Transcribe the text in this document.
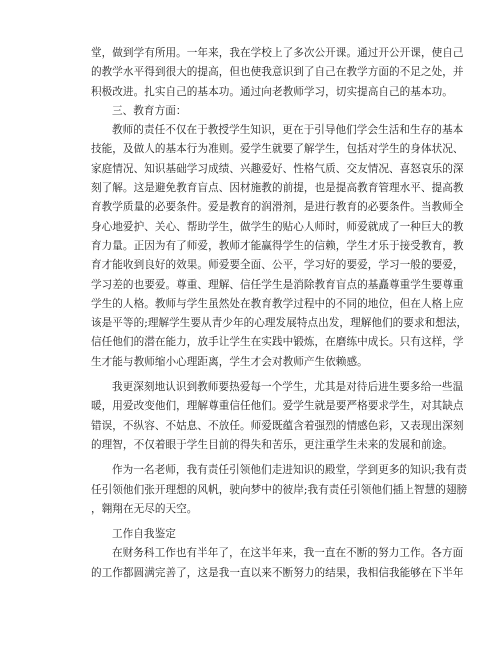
堂，做到学有所用。一年来，我在学校上了多次公开课。通过开公开课，使自己
的教学水平得到很大的提高，但也使我意识到了自己在教学方面的不足之处，并
积极改进。扎实自己的基本功。通过向老教师学习，切实提高自己的基本功。
三、教育方面：
教师的责任不仅在于教授学生知识，更在于引导他们学会生活和生存的基本
技能，及做人的基本行为准则。爱学生就要了解学生，包括对学生的身体状况、
家庭情况、知识基础学习成绩、兴趣爱好、性格气质、交友情况、喜怒哀乐的深
刻了解。这是避免教育盲点、因材施教的前提，也是提高教育管理水平、提高教
育教学质量的必要条件。爱是教育的润滑剂，是进行教育的必要条件。当教师全
身心地爱护、关心、帮助学生，做学生的贴心人师时，师爱就成了一种巨大的教
育力量。正因为有了师爱，教师才能赢得学生的信赖，学生才乐于接受教育，教
育才能收到良好的效果。师爱要全面、公平，学习好的要爱，学习一般的要爱，
学习差的也要爱。尊重、理解、信任学生是消除教育盲点的基矗尊重学生要尊重
学生的人格。教师与学生虽然处在教育教学过程中的不同的地位，但在人格上应
该是平等的;理解学生要从青少年的心理发展特点出发，理解他们的要求和想法，
信任他们的潜在能力，放手让学生在实践中锻炼，在磨练中成长。只有这样，学
生才能与教师缩小心理距离，学生才会对教师产生依赖感。
我更深刻地认识到教师要热爱每一个学生，尤其是对待后进生要多给一些温
暖，用爱改变他们，理解尊重信任他们。爱学生就是要严格要求学生，对其缺点
错误，不纵容、不姑息、不放任。师爱既蕴含着强烈的情感色彩，又表现出深刻
的理智，不仅着眼于学生目前的得失和苦乐，更注重学生未来的发展和前途。
作为一名老师，我有责任引领他们走进知识的殿堂，学到更多的知识;我有责
任引领他们张开理想的风帆，驶向梦中的彼岸;我有责任引领他们插上智慧的翅膀
，翱翔在无尽的天空。
工作自我鉴定
在财务科工作也有半年了，在这半年来，我一直在不断的努力工作。各方面
的工作都圆满完善了，这是我一直以来不断努力的结果，我相信我能够在下半年
